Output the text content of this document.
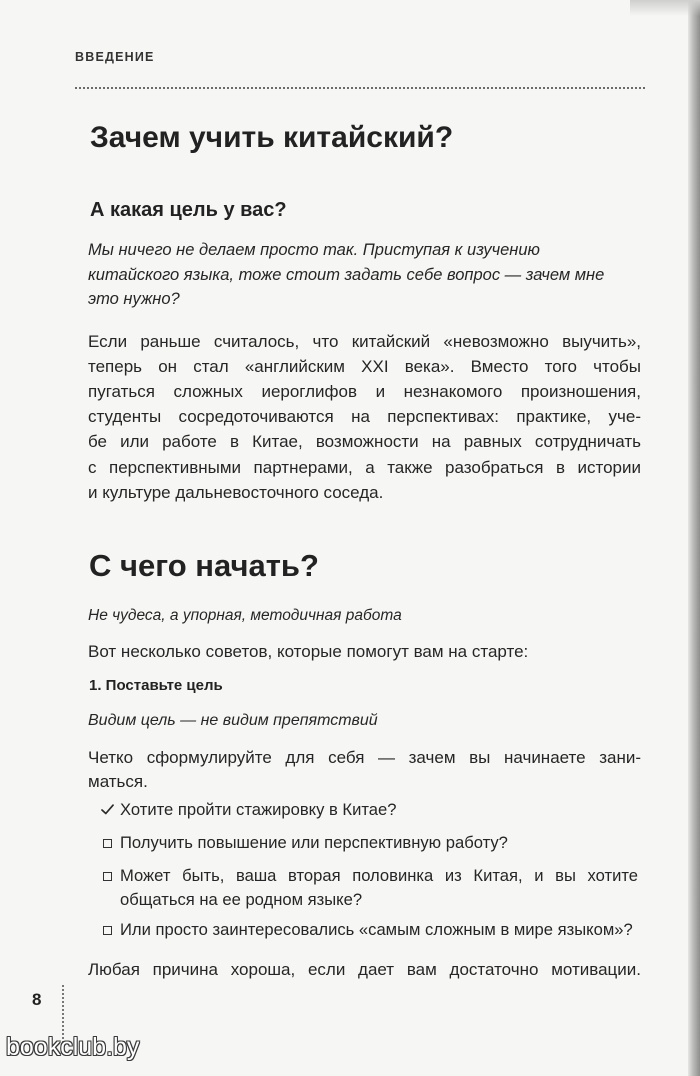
ВВЕДЕНИЕ
Зачем учить китайский?
А какая цель у вас?
Мы ничего не делаем просто так. Приступая к изучению
китайского языка, тоже стоит задать себе вопрос — зачем мне
это нужно?
Если раньше считалось, что китайский «невозможно выучить»,
теперь он стал «английским XXI века». Вместо того чтобы
пугаться сложных иероглифов и незнакомого произношения,
студенты сосредоточиваются на перспективах: практике, уче-
бе или работе в Китае, возможности на равных сотрудничать
с перспективными партнерами, а также разобраться в истории
и культуре дальневосточного соседа.
С чего начать?
Не чудеса, а упорная, методичная работа
Вот несколько советов, которые помогут вам на старте:
1. Поставьте цель
Видим цель — не видим препятствий
Четко сформулируйте для себя — зачем вы начинаете зани-
маться.
Хотите пройти стажировку в Китае?
Получить повышение или перспективную работу?
Может быть, ваша вторая половинка из Китая, и вы хотите
общаться на ее родном языке?
Или просто заинтересовались «самым сложным в мире языком»?
Любая причина хороша, если дает вам достаточно мотивации.
8
bookclub.by
